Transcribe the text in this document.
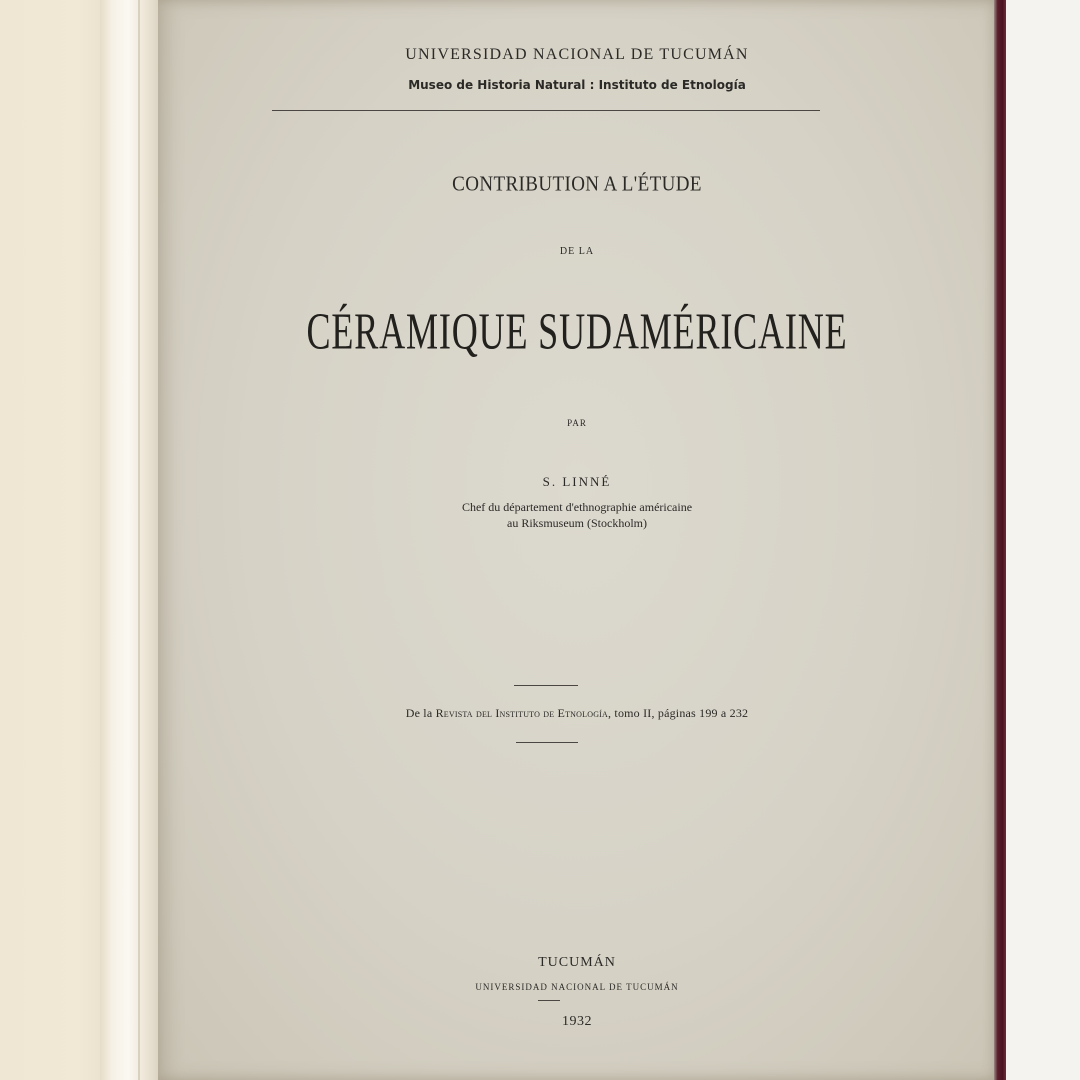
UNIVERSIDAD NACIONAL DE TUCUMÁN
Museo de Historia Natural : Instituto de Etnología
CONTRIBUTION A L'ÉTUDE
DE LA
CÉRAMIQUE SUDAMÉRICAINE
PAR
S. LINNÉ
Chef du département d'ethnographie américaine
au Riksmuseum (Stockholm)
De la Revista del Instituto de Etnología, tomo II, páginas 199 a 232
TUCUMÁN
UNIVERSIDAD NACIONAL DE TUCUMÁN
1932
